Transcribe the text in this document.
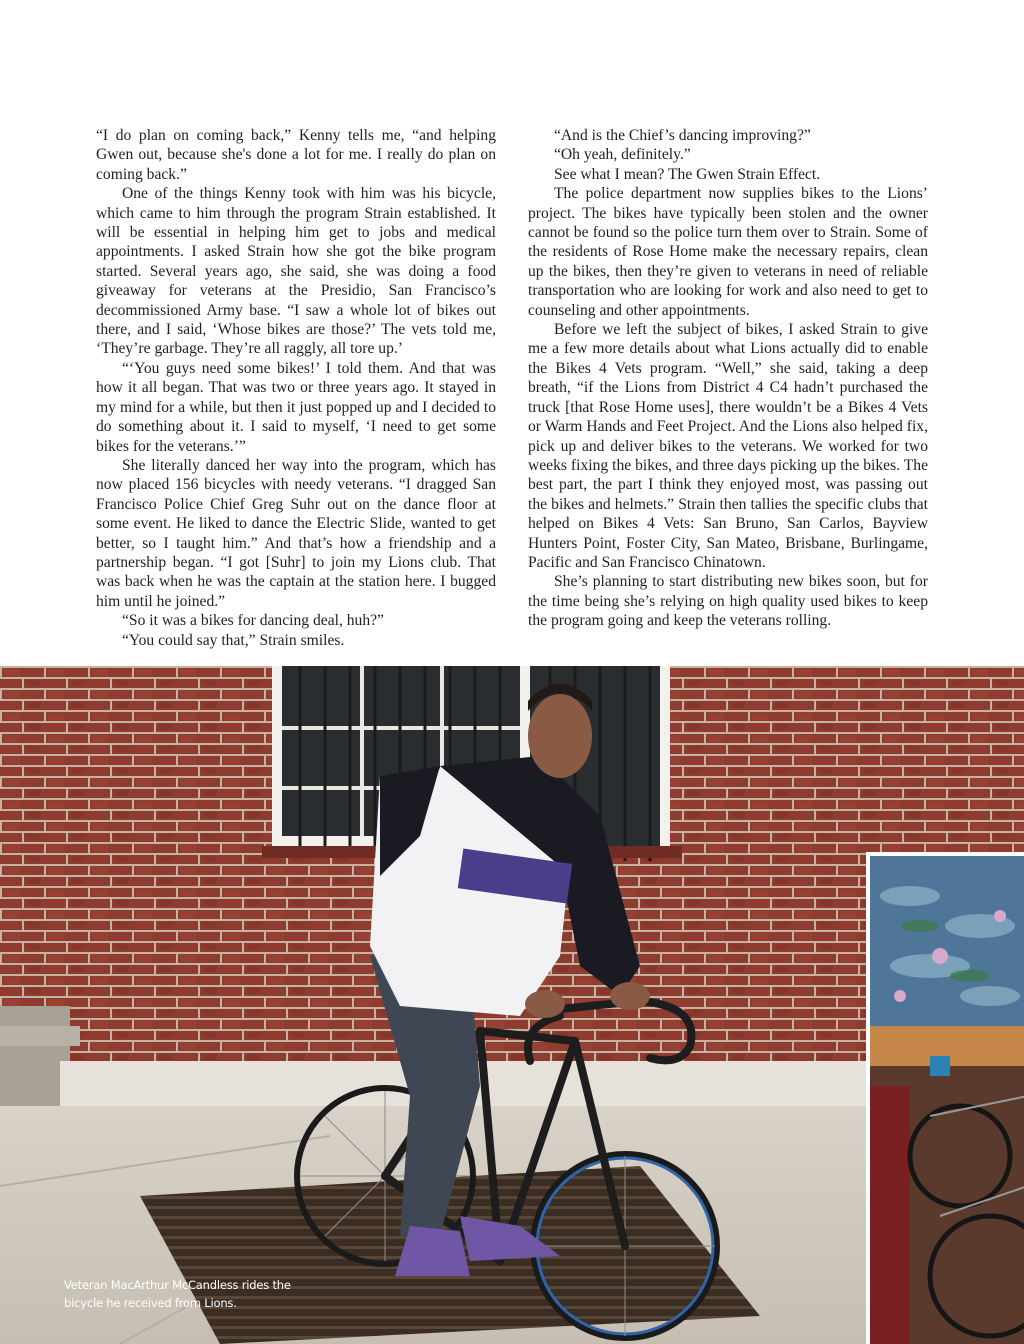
“I do plan on coming back,” Kenny tells me, “and helping Gwen out, because she's done a lot for me. I really do plan on coming back.”

One of the things Kenny took with him was his bicycle, which came to him through the program Strain established. It will be essential in helping him get to jobs and medical appointments. I asked Strain how she got the bike program started. Several years ago, she said, she was doing a food giveaway for veterans at the Presidio, San Francisco’s decommissioned Army base. “I saw a whole lot of bikes out there, and I said, ‘Whose bikes are those?’ The vets told me, ‘They’re garbage. They’re all raggly, all tore up.’

“‘You guys need some bikes!’ I told them. And that was how it all began. That was two or three years ago. It stayed in my mind for a while, but then it just popped up and I decided to do something about it. I said to myself, ‘I need to get some bikes for the veterans.’”

She literally danced her way into the program, which has now placed 156 bicycles with needy veterans. “I dragged San Francisco Police Chief Greg Suhr out on the dance floor at some event. He liked to dance the Electric Slide, wanted to get better, so I taught him.” And that’s how a friendship and a partnership began. “I got [Suhr] to join my Lions club. That was back when he was the captain at the station here. I bugged him until he joined.”

“So it was a bikes for dancing deal, huh?”

“You could say that,” Strain smiles.

“And is the Chief’s dancing improving?”

“Oh yeah, definitely.”

See what I mean? The Gwen Strain Effect.

The police department now supplies bikes to the Lions’ project. The bikes have typically been stolen and the owner cannot be found so the police turn them over to Strain. Some of the residents of Rose Home make the necessary repairs, clean up the bikes, then they’re given to veterans in need of reliable transportation who are looking for work and also need to get to counseling and other appointments.

Before we left the subject of bikes, I asked Strain to give me a few more details about what Lions actually did to enable the Bikes 4 Vets program. “Well,” she said, taking a deep breath, “if the Lions from District 4 C4 hadn’t purchased the truck [that Rose Home uses], there wouldn’t be a Bikes 4 Vets or Warm Hands and Feet Project. And the Lions also helped fix, pick up and deliver bikes to the veterans. We worked for two weeks fixing the bikes, and three days picking up the bikes. The best part, the part I think they enjoyed most, was passing out the bikes and helmets.” Strain then tallies the specific clubs that helped on Bikes 4 Vets: San Bruno, San Carlos, Bayview Hunters Point, Foster City, San Mateo, Brisbane, Burlingame, Pacific and San Francisco Chinatown.

She’s planning to start distributing new bikes soon, but for the time being she’s relying on high quality used bikes to keep the program going and keep the veterans rolling.

Veteran MacArthur McCandless rides the bicycle he received from Lions.
